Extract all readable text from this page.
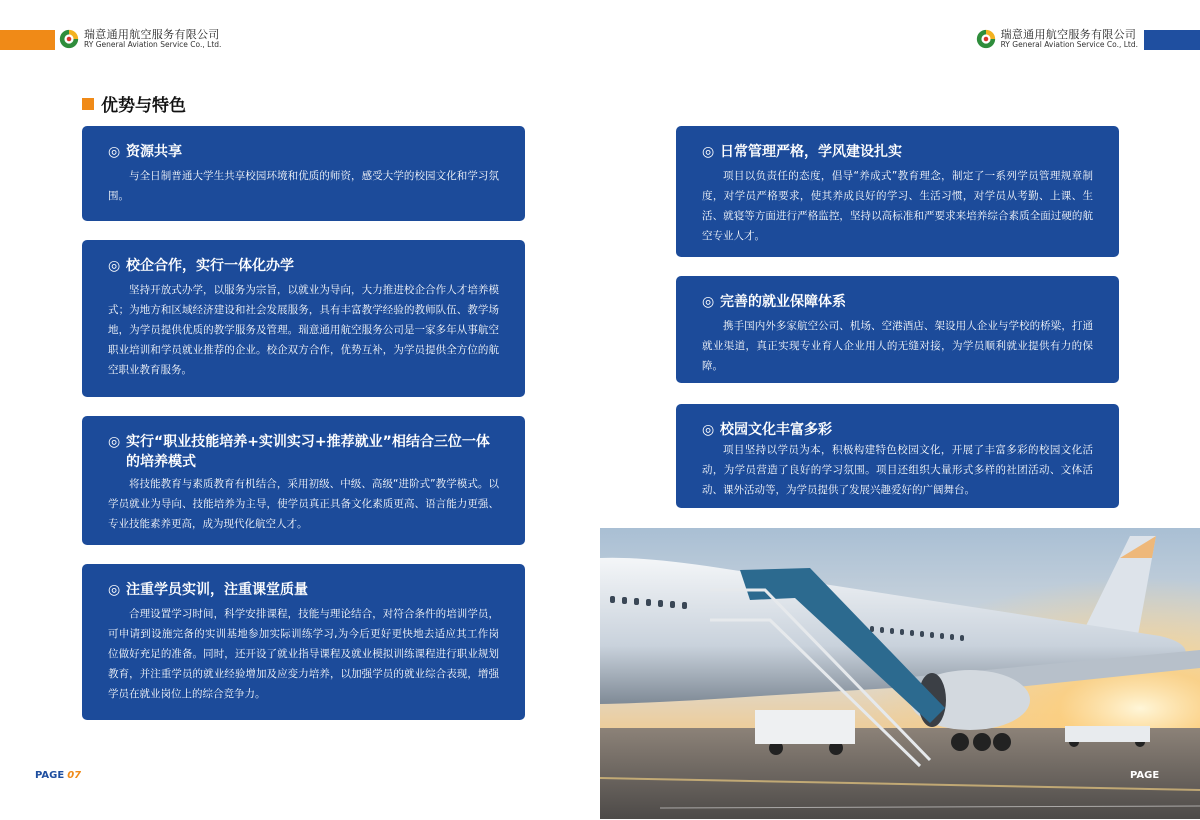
瑞意通用航空服务有限公司
RY General Aviation Service Co., Ltd.
瑞意通用航空服务有限公司
RY General Aviation Service Co., Ltd.
优势与特色
◎ 资源共享
与全日制普通大学生共享校园环境和优质的师资，感受大学的校园文化和学习氛围。
◎ 校企合作，实行一体化办学
坚持开放式办学，以服务为宗旨，以就业为导向，大力推进校企合作人才培养模式；为地方和区域经济建设和社会发展服务，具有丰富教学经验的教师队伍、教学场地，为学员提供优质的教学服务及管理。瑞意通用航空服务公司是一家多年从事航空职业培训和学员就业推荐的企业。校企双方合作，优势互补，为学员提供全方位的航空职业教育服务。
◎ 实行“职业技能培养+实训实习+推荐就业”相结合三位一体
的培养模式
将技能教育与素质教育有机结合，采用初级、中级、高级“进阶式”教学模式。以学员就业为导向、技能培养为主导，使学员真正具备文化素质更高、语言能力更强、专业技能素养更高，成为现代化航空人才。
◎ 注重学员实训，注重课堂质量
合理设置学习时间，科学安排课程，技能与理论结合，对符合条件的培训学员，可申请到设施完备的实训基地参加实际训练学习,为今后更好更快地去适应其工作岗位做好充足的准备。同时，还开设了就业指导课程及就业模拟训练课程进行职业规划教育，并注重学员的就业经验增加及应变力培养，以加强学员的就业综合表现，增强学员在就业岗位上的综合竞争力。
◎ 日常管理严格，学风建设扎实
项目以负责任的态度，倡导“养成式”教育理念，制定了一系列学员管理规章制度，对学员严格要求，使其养成良好的学习、生活习惯，对学员从考勤、上课、生活、就寝等方面进行严格监控，坚持以高标准和严要求来培养综合素质全面过硬的航空专业人才。
◎ 完善的就业保障体系
携手国内外多家航空公司、机场、空港酒店、架设用人企业与学校的桥梁，打通就业渠道，真正实现专业育人企业用人的无缝对接，为学员顺利就业提供有力的保障。
◎ 校园文化丰富多彩
项目坚持以学员为本，积极构建特色校园文化，开展了丰富多彩的校园文化活动，为学员营造了良好的学习氛围。项目还组织大量形式多样的社团活动、文体活动、课外活动等，为学员提供了发展兴趣爱好的广阔舞台。
PAGE 07	PAGE
